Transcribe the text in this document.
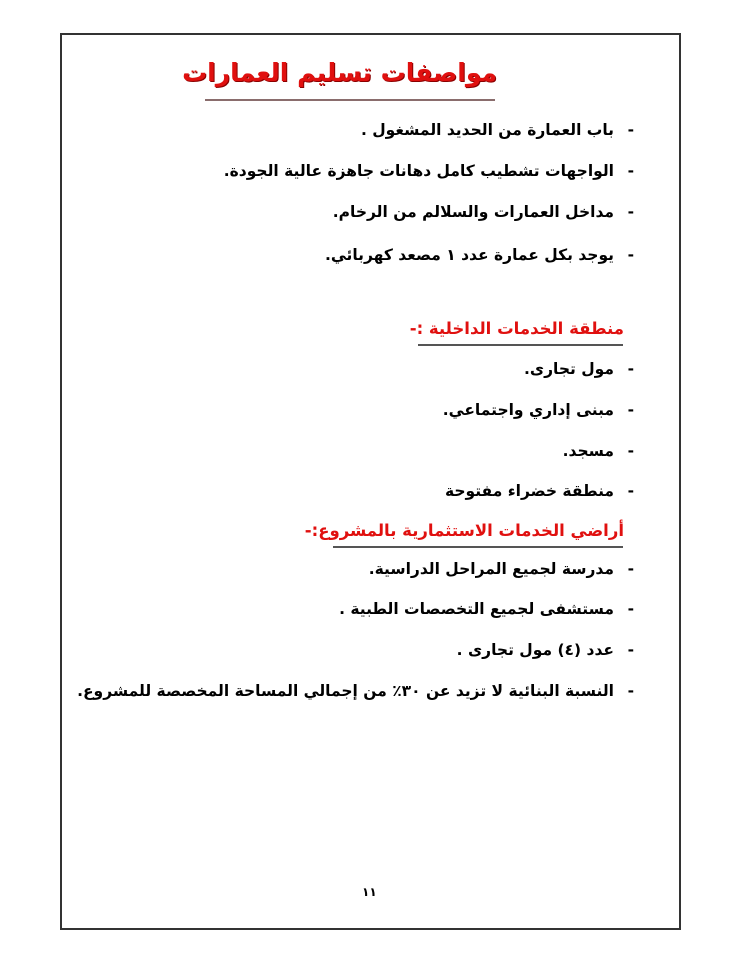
مواصفات تسليم العمارات
-
باب العمارة من الحديد المشغول .
-
الواجهات تشطيب كامل دهانات جاهزة عالية الجودة.
-
مداخل العمارات والسلالم من الرخام.
-
يوجد بكل عمارة عدد ١ مصعد كهربائي.
منطقة الخدمات الداخلية :-
-
مول تجارى.
-
مبنى إداري واجتماعي.
-
مسجد.
-
منطقة خضراء مفتوحة
أراضي الخدمات الاستثمارية بالمشروع:-
-
مدرسة لجميع المراحل الدراسية.
-
مستشفى لجميع التخصصات الطبية .
-
عدد (٤) مول تجارى .
-
النسبة البنائية لا تزيد عن ٣٠٪ من إجمالي المساحة المخصصة للمشروع.
١١
